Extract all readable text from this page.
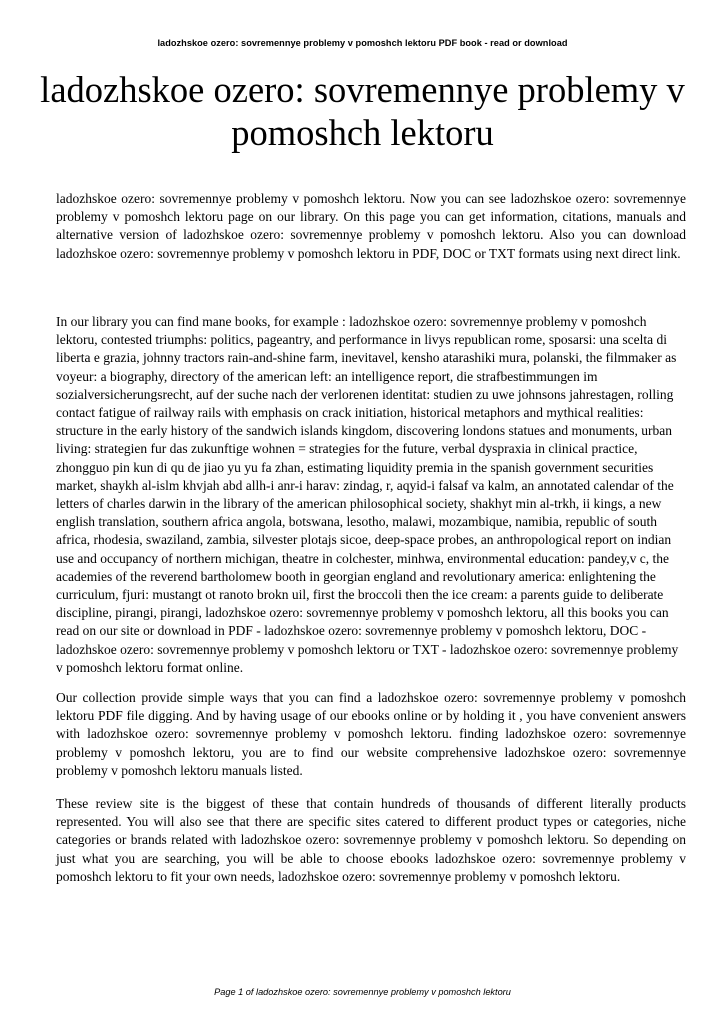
ladozhskoe ozero: sovremennye problemy v pomoshch lektoru PDF book - read or download
ladozhskoe ozero: sovremennye problemy v pomoshch lektoru

ladozhskoe ozero: sovremennye problemy v pomoshch lektoru. Now you can see ladozhskoe ozero: sovremennye problemy v pomoshch lektoru page on our library. On this page you can get information, citations, manuals and alternative version of ladozhskoe ozero: sovremennye problemy v pomoshch lektoru. Also you can download ladozhskoe ozero: sovremennye problemy v pomoshch lektoru in PDF, DOC or TXT formats using next direct link.

In our library you can find mane books, for example : ladozhskoe ozero: sovremennye problemy v pomoshch lektoru, contested triumphs: politics, pageantry, and performance in livys republican rome, sposarsi: una scelta di liberta e grazia, johnny tractors rain-and-shine farm, inevitavel, kensho atarashiki mura, polanski, the filmmaker as voyeur: a biography, directory of the american left: an intelligence report, die strafbestimmungen im sozialversicherungsrecht, auf der suche nach der verlorenen identitat: studien zu uwe johnsons jahrestagen, rolling contact fatigue of railway rails with emphasis on crack initiation, historical metaphors and mythical realities: structure in the early history of the sandwich islands kingdom, discovering londons statues and monuments, urban living: strategien fur das zukunftige wohnen = strategies for the future, verbal dyspraxia in clinical practice, zhongguo pin kun di qu de jiao yu yu fa zhan, estimating liquidity premia in the spanish government securities market, shaykh al-islm khvjah abd allh-i anr-i harav: zindag, r, aqyid-i falsaf va kalm, an annotated calendar of the letters of charles darwin in the library of the american philosophical society, shakhyt min al-trkh, ii kings, a new english translation, southern africa angola, botswana, lesotho, malawi, mozambique, namibia, republic of south africa, rhodesia, swaziland, zambia, silvester plotajs sicoe, deep-space probes, an anthropological report on indian use and occupancy of northern michigan, theatre in colchester, minhwa, environmental education: pandey,v c, the academies of the reverend bartholomew booth in georgian england and revolutionary america: enlightening the curriculum, fjuri: mustangt ot ranoto brokn uil, first the broccoli then the ice cream: a parents guide to deliberate discipline, pirangi, pirangi, ladozhskoe ozero: sovremennye problemy v pomoshch lektoru, all this books you can read on our site or download in PDF - ladozhskoe ozero: sovremennye problemy v pomoshch lektoru, DOC - ladozhskoe ozero: sovremennye problemy v pomoshch lektoru or TXT - ladozhskoe ozero: sovremennye problemy v pomoshch lektoru format online.

Our collection provide simple ways that you can find a ladozhskoe ozero: sovremennye problemy v pomoshch lektoru PDF file digging. And by having usage of our ebooks online or by holding it , you have convenient answers with ladozhskoe ozero: sovremennye problemy v pomoshch lektoru. finding ladozhskoe ozero: sovremennye problemy v pomoshch lektoru, you are to find our website comprehensive ladozhskoe ozero: sovremennye problemy v pomoshch lektoru manuals listed.

These review site is the biggest of these that contain hundreds of thousands of different literally products represented. You will also see that there are specific sites catered to different product types or categories, niche categories or brands related with ladozhskoe ozero: sovremennye problemy v pomoshch lektoru. So depending on just what you are searching, you will be able to choose ebooks ladozhskoe ozero: sovremennye problemy v pomoshch lektoru to fit your own needs, ladozhskoe ozero: sovremennye problemy v pomoshch lektoru.

Page 1 of ladozhskoe ozero: sovremennye problemy v pomoshch lektoru
